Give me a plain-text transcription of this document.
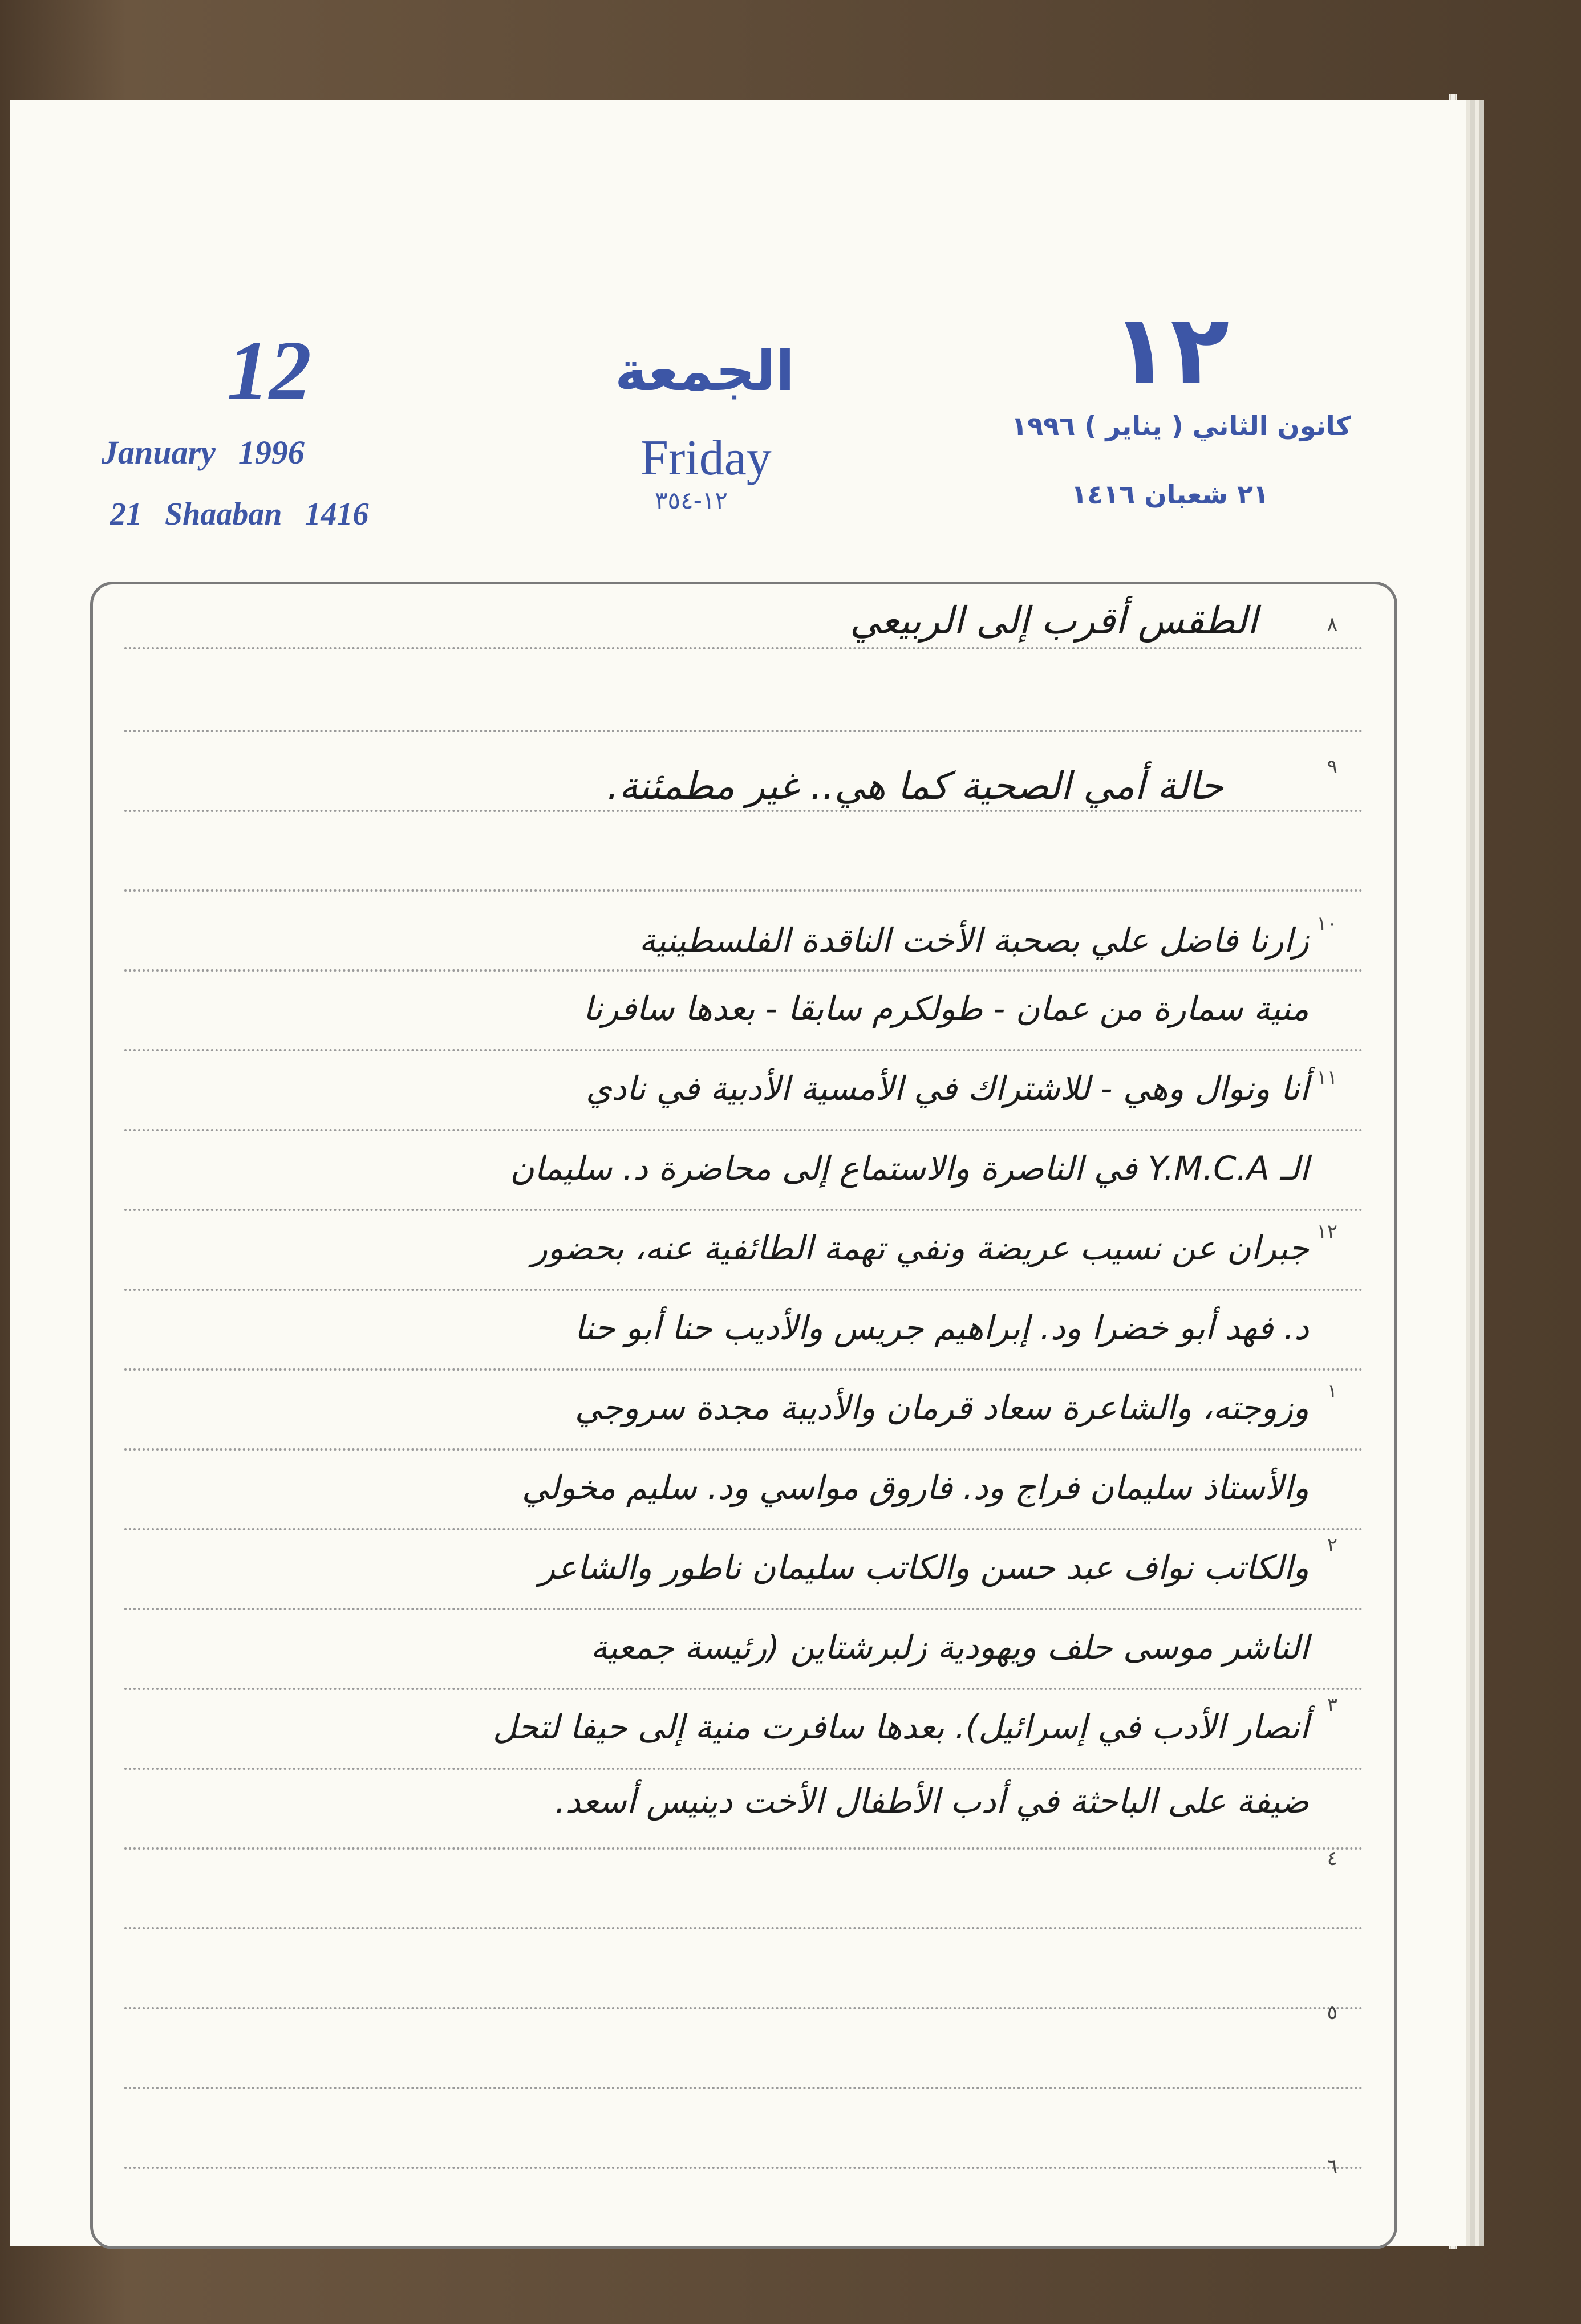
12	١٢
الجمعة
Friday
١٢-٣٥٤
January 1996
21 Shaaban 1416
كانون الثاني ( يناير ) ١٩٩٦
٢١ شعبان ١٤١٦
٨
٩
١٠
١١
١٢
١
٢
٣
٤
٥
٦
الطقس أقرب إلى الربيعي
حالة أمي الصحية كما هي.. غير مطمئنة.
زارنا فاضل علي بصحبة الأخت الناقدة الفلسطينية
منية سمارة من عمان - طولكرم سابقا - بعدها سافرنا
أنا ونوال وهي - للاشتراك في الأمسية الأدبية في نادي
الـ Y.M.C.A في الناصرة والاستماع إلى محاضرة د. سليمان
جبران عن نسيب عريضة ونفي تهمة الطائفية عنه، بحضور
د. فهد أبو خضرا ود. إبراهيم جريس والأديب حنا أبو حنا
وزوجته، والشاعرة سعاد قرمان والأديبة مجدة سروجي
والأستاذ سليمان فراج ود. فاروق مواسي ود. سليم مخولي
والكاتب نواف عبد حسن والكاتب سليمان ناطور والشاعر
الناشر موسى حلف ويهودية زلبرشتاين (رئيسة جمعية
أنصار الأدب في إسرائيل). بعدها سافرت منية إلى حيفا لتحل
ضيفة على الباحثة في أدب الأطفال الأخت دينيس أسعد.
